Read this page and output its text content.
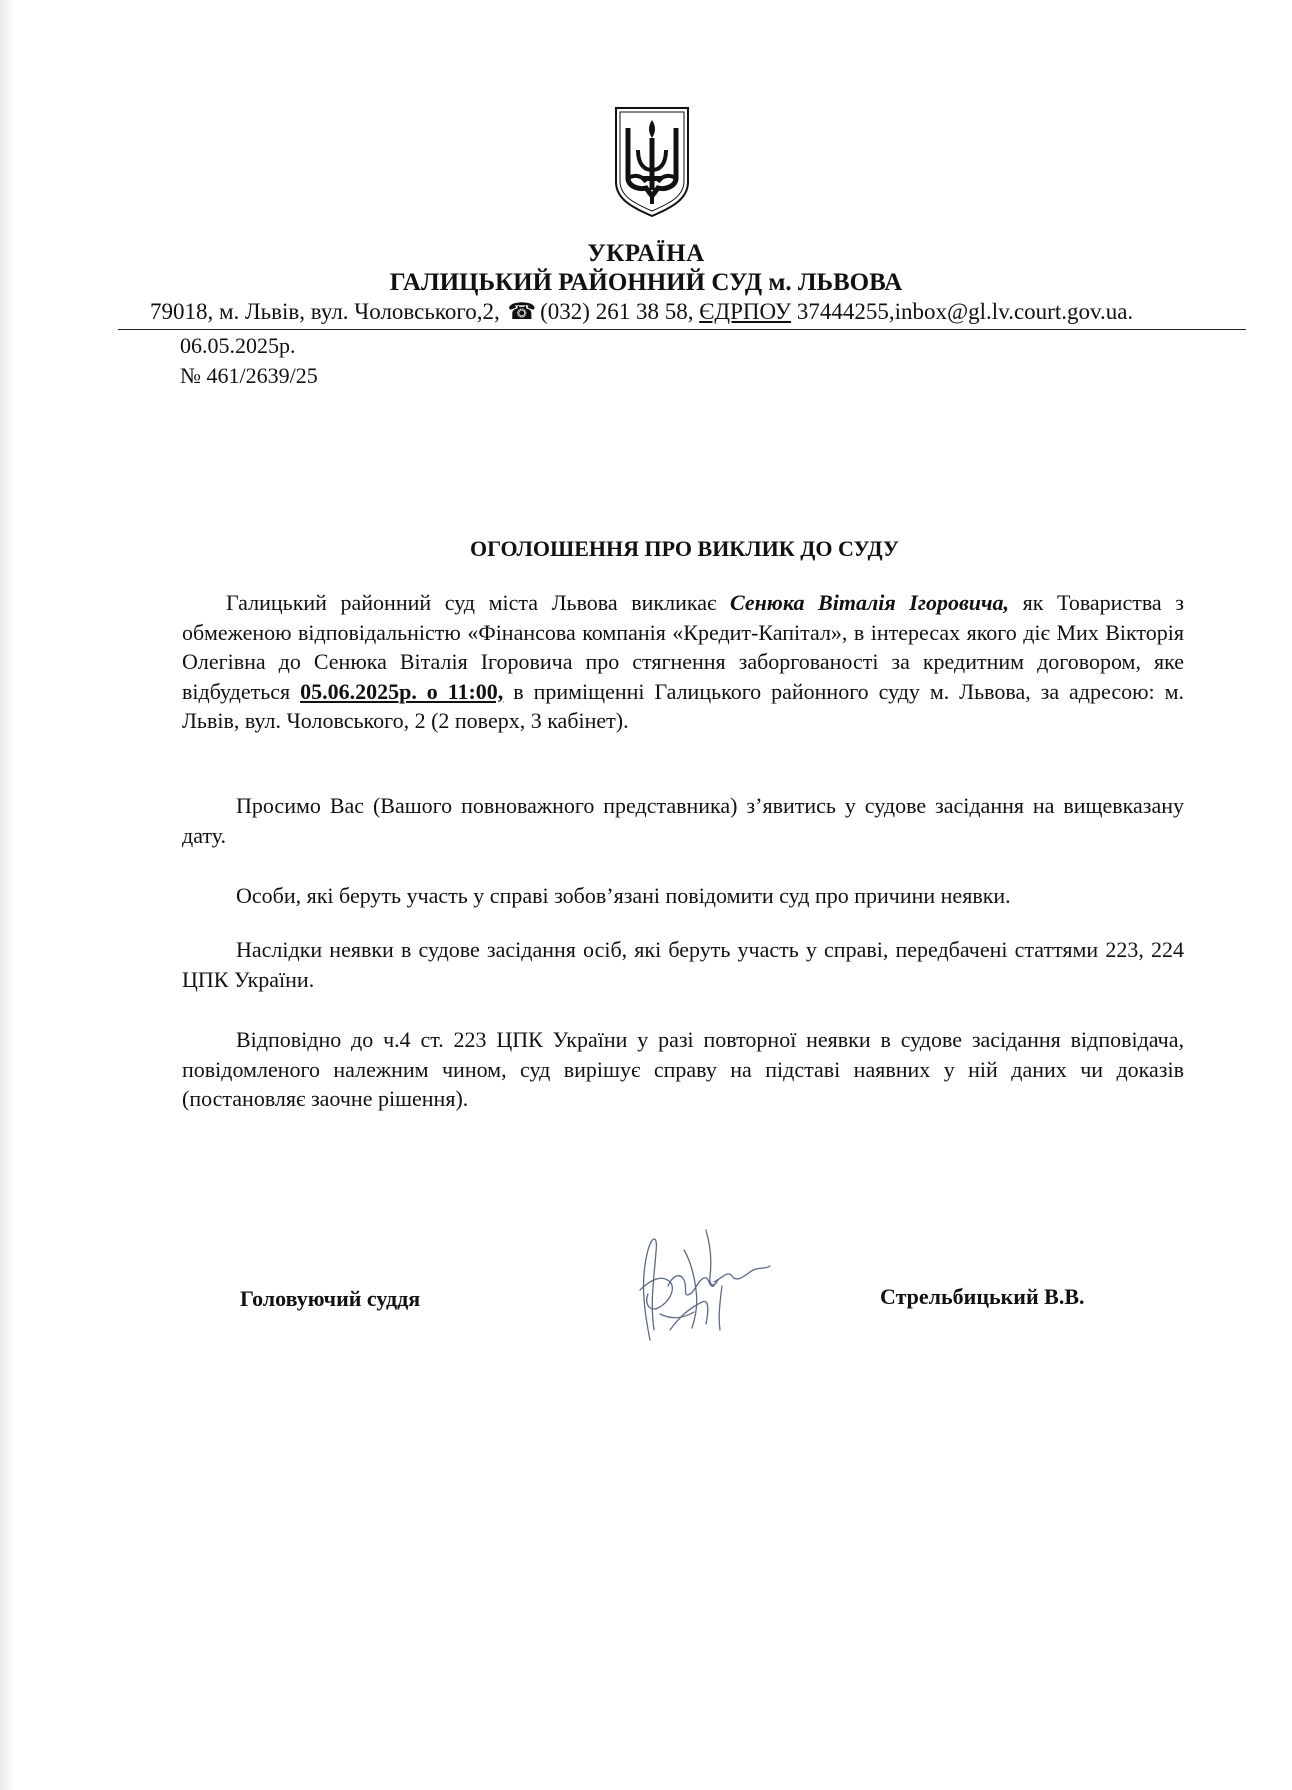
УКРАЇНА

ГАЛИЦЬКИЙ РАЙОННИЙ СУД м. ЛЬВОВА

79018, м. Львів, вул. Чоловського,2, ☎ (032) 261 38 58, ЄДРПОУ 37444255,inbox@gl.lv.court.gov.ua.

06.05.2025р.

№ 461/2639/25

ОГОЛОШЕННЯ ПРО ВИКЛИК ДО СУДУ

Галицький районний суд міста Львова викликає Сенюка Віталія Ігоровича, як Товариства з обмеженою відповідальністю «Фінансова компанія «Кредит-Капітал», в інтересах якого діє Мих Вікторія Олегівна до Сенюка Віталія Ігоровича про стягнення заборгованості за кредитним договором, яке відбудеться 05.06.2025р. о 11:00, в приміщенні Галицького районного суду м. Львова, за адресою: м. Львів, вул. Чоловського, 2 (2 поверх, 3 кабінет).

Просимо Вас (Вашого повноважного представника) з’явитись у судове засідання на вищевказану дату.

Особи, які беруть участь у справі зобов’язані повідомити суд про причини неявки.

Наслідки неявки в судове засідання осіб, які беруть участь у справі, передбачені статтями 223, 224 ЦПК України.

Відповідно до ч.4 ст. 223 ЦПК України у разі повторної неявки в судове засідання відповідача, повідомленого належним чином, суд вирішує справу на підставі наявних у ній даних чи доказів (постановляє заочне рішення).

Головуючий суддя	Стрельбицький В.В.
